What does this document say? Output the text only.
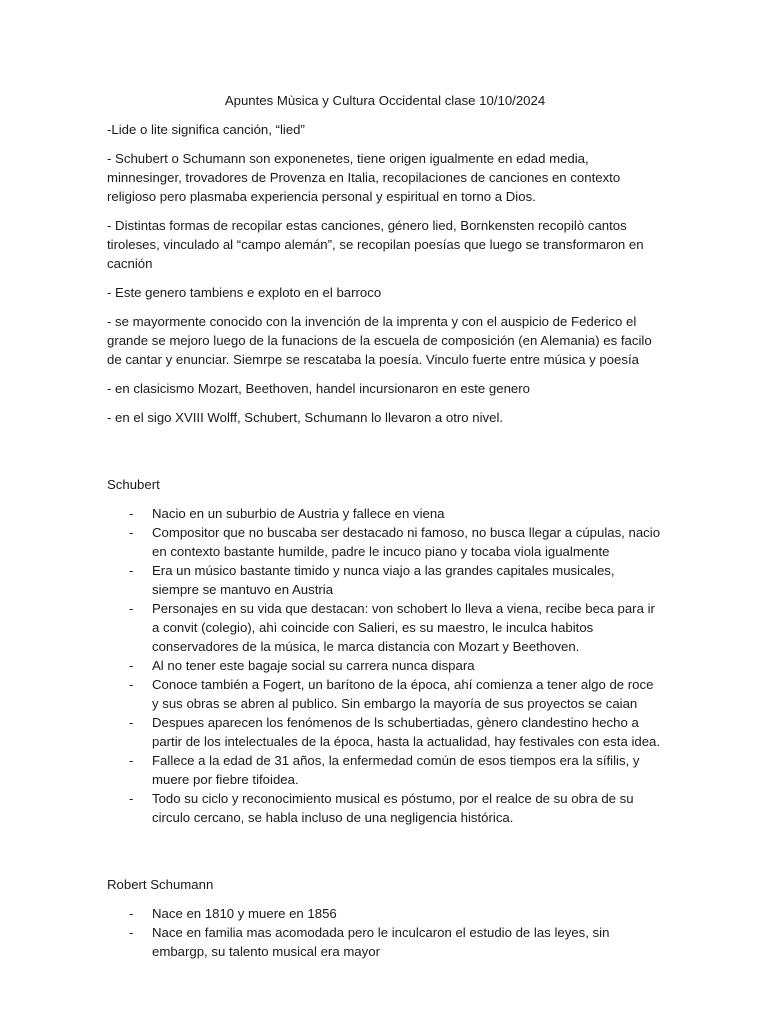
Apuntes Mùsica y Cultura Occidental clase 10/10/2024

-Lide o lite significa canción, “lied”

- Schubert o Schumann son exponenetes, tiene origen igualmente en edad media, minnesinger, trovadores de Provenza en Italia, recopilaciones de canciones en contexto religioso pero plasmaba experiencia personal y espiritual en torno a Dios.

- Distintas formas de recopilar estas canciones, género lied, Bornkensten recopilò cantos tiroleses, vinculado al “campo alemán”, se recopilan poesías que luego se transformaron en cacnión

- Este genero tambiens e exploto en el barroco

- se mayormente conocido con la invención de la imprenta y con el auspicio de Federico el grande se mejoro luego de la funacions de la escuela de composición (en Alemania) es facilo de cantar y enunciar. Siemrpe se rescataba la poesía. Vinculo fuerte entre música y poesía

- en clasicismo Mozart, Beethoven, handel incursionaron en este genero

- en el sigo XVIII Wolff, Schubert, Schumann lo llevaron a otro nivel.

Schubert
- Nacio en un suburbio de Austria y fallece en viena
- Compositor que no buscaba ser destacado ni famoso, no busca llegar a cúpulas, nacio en contexto bastante humilde, padre le incuco piano y tocaba viola igualmente
- Era un músico bastante timido y nunca viajo a las grandes capitales musicales, siempre se mantuvo en Austria
- Personajes en su vida que destacan: von schobert lo lleva a viena, recibe beca para ir a convit (colegio), ahì coincide con Salieri, es su maestro, le inculca habitos conservadores de la música, le marca distancia con Mozart y Beethoven.
- Al no tener este bagaje social su carrera nunca dispara
- Conoce también a Fogert, un barítono de la época, ahí comienza a tener algo de roce y sus obras se abren al publico. Sin embargo la mayoría de sus proyectos se caian
- Despues aparecen los fenómenos de ls schubertiadas, gènero clandestino hecho a partir de los intelectuales de la época, hasta la actualidad, hay festivales con esta idea.
- Fallece a la edad de 31 años, la enfermedad común de esos tiempos era la sífilis, y muere por fiebre tifoidea.
- Todo su ciclo y reconocimiento musical es póstumo, por el realce de su obra de su circulo cercano, se habla incluso de una negligencia histórica.
Robert Schumann
- Nace en 1810 y muere en 1856
- Nace en familia mas acomodada pero le inculcaron el estudio de las leyes, sin embargp, su talento musical era mayor
